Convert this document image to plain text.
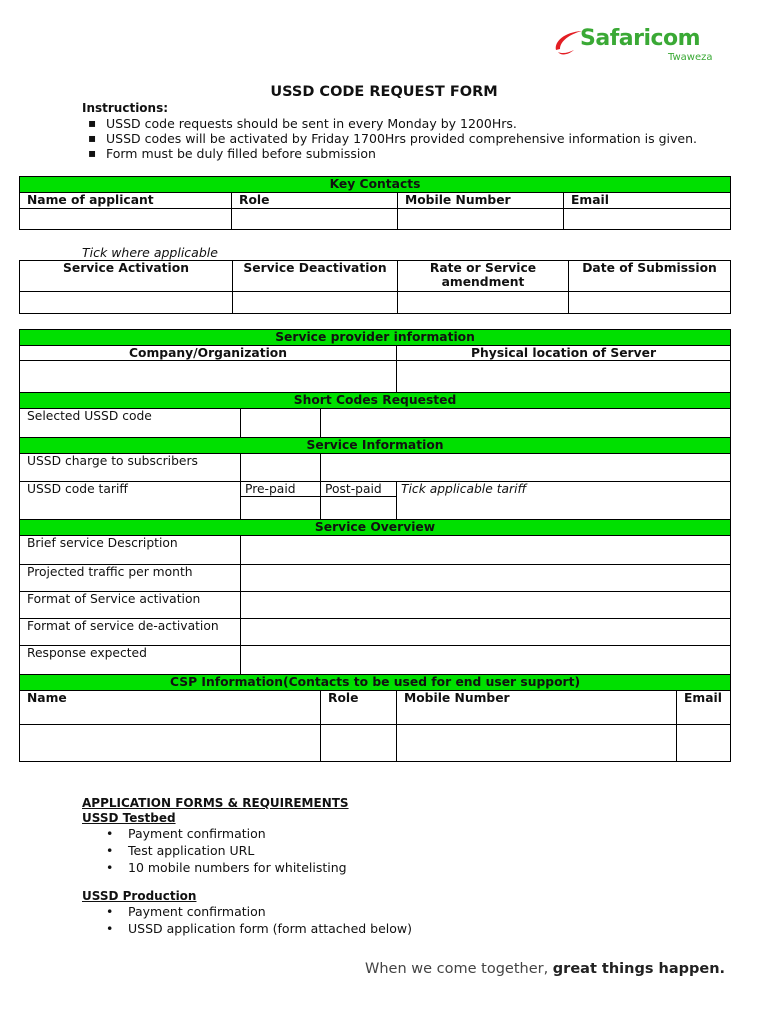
Safaricom
Twaweza
USSD CODE REQUEST FORM
Instructions:
▪ USSD code requests should be sent in every Monday by 1200Hrs.
▪ USSD codes will be activated by Friday 1700Hrs provided comprehensive information is given.
▪ Form must be duly filled before submission
Key Contacts			
Name of applicant	Role	Mobile Number	Email

Tick where applicable
Service Activation	Service Deactivation	Rate or Service amendment	Date of Submission

Service provider information				
Company/Organization			Physical location of Server	

Short Codes Requested				
Selected USSD code				
Service Information				
USSD charge to subscribers				
USSD code tariff	Pre-paid	Post-paid	Tick applicable tariff	

Service Overview				
Brief service Description				
Projected traffic per month				
Format of Service activation				
Format of service de-activation				
Response expected				
CSP Information(Contacts to be used for end user support)				
Name		Role	Mobile Number	Email

APPLICATION FORMS & REQUIREMENTS
USSD Testbed
• Payment confirmation
• Test application URL
• 10 mobile numbers for whitelisting
USSD Production
• Payment confirmation
• USSD application form (form attached below)
When we come together, great things happen.
